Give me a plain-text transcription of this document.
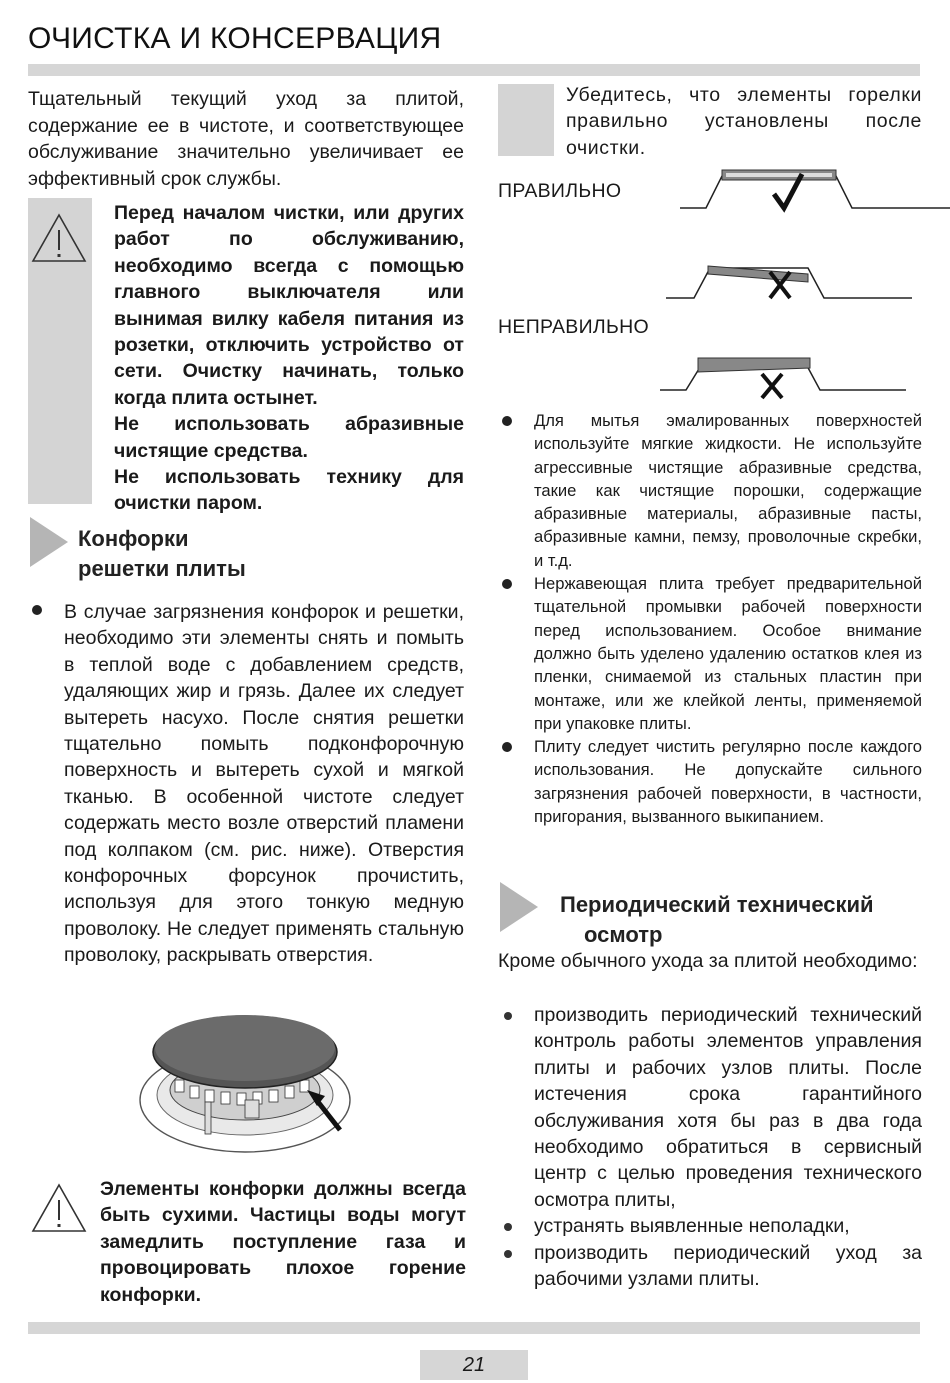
ОЧИСТКА И КОНСЕРВАЦИЯ
Тщательный текущий уход за плитой, содержание ее в чистоте, и соответствующее обслуживание значительно увеличивает ее эффективный срок службы.

Перед началом чистки, или других работ по обслуживанию, необходимо всегда с помощью главного выключателя или вынимая вилку кабеля питания из розетки, отключить устройство от сети. Очистку начинать, только когда плита остынет.

Не использовать абразивные чистящие средства.

Не использовать технику для очистки паром.

Конфорки
решетки плиты
В случае загрязнения конфорок и решетки, необходимо эти элементы снять и помыть в теплой воде с добавлением средств, удаляющих жир и грязь. Далее их следует вытереть насухо. После снятия решетки тщательно помыть подконфорочную поверхность и вытереть сухой и мягкой тканью. В особенной чистоте следует содержать место возле отверстий пламени под колпаком (см. рис. ниже). Отверстия конфорочных форсунок прочистить, используя для этого тонкую медную проволоку. Не следует применять стальную проволоку, раскрывать отверстия.
Элементы конфорки должны всегда быть сухими. Частицы воды могут замедлить поступление газа и провоцировать плохое горение конфорки.
Убедитесь, что элементы горелки правильно установлены после очистки.
ПРАВИЛЬНО
НЕПРАВИЛЬНО
Для мытья эмалированных поверхностей используйте мягкие жидкости. Не используйте агрессивные чистящие абразивные средства, такие как чистящие порошки, содержащие абразивные материалы, абразивные пасты, абразивные камни, пемзу, проволочные скребки, и т.д.
Нержавеющая плита требует предварительной тщательной промывки рабочей поверхности перед использованием. Особое внимание должно быть уделено удалению остатков клея из пленки, снимаемой из стальных пластин при монтаже, или же клейкой ленты, применяемой при упаковке плиты.
Плиту следует чистить регулярно после каждого использования. Не допускайте сильного загрязнения рабочей поверхности, в частности, пригорания, вызванного выкипанием.
Периодический технический
осмотр
Кроме обычного ухода за плитой необходимо:
производить периодический технический контроль работы элементов управления плиты и рабочих узлов плиты. После истечения срока гарантийного обслуживания хотя бы раз в два года необходимо обратиться в сервисный центр с целью проведения технического осмотра плиты,
устранять выявленные неполадки,
производить периодический уход за рабочими узлами плиты.
21
